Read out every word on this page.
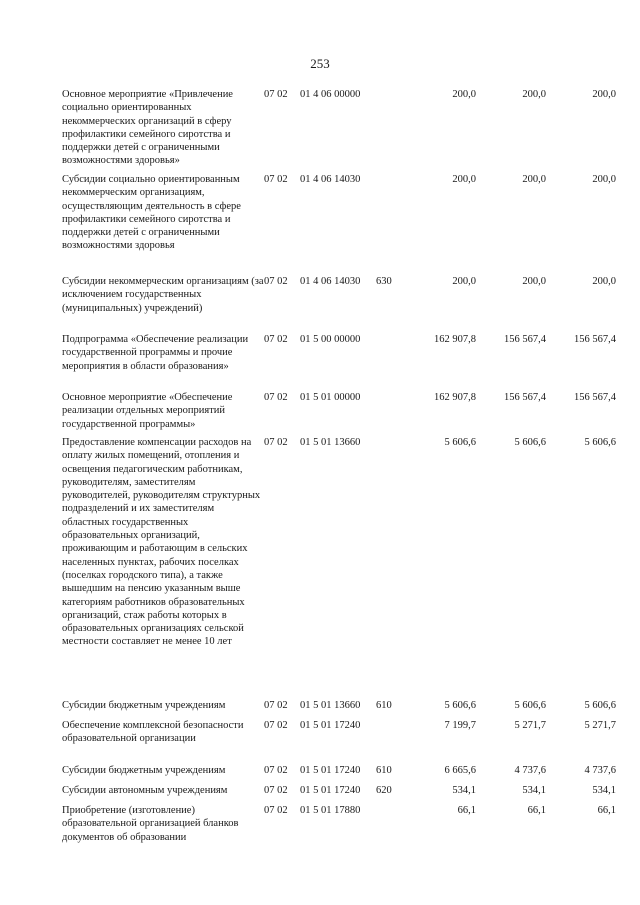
253
Основное мероприятие «Привлечение социально ориентированных некоммерческих организаций в сферу профилактики семейного сиротства и поддержки детей с ограниченными возможностями здоровья»	07 02	01 4 06 00000		200,0	200,0	200,0
Субсидии социально ориентированным некоммерческим организациям, осуществляющим деятельность в сфере профилактики семейного сиротства и поддержки детей с ограниченными возможностями здоровья	07 02	01 4 06 14030		200,0	200,0	200,0
Субсидии некоммерческим организациям (за исключением государственных (муниципальных) учреждений)	07 02	01 4 06 14030	630	200,0	200,0	200,0
Подпрограмма «Обеспечение реализации государственной программы и прочие мероприятия в области образования»	07 02	01 5 00 00000		162 907,8	156 567,4	156 567,4
Основное мероприятие «Обеспечение реализации отдельных мероприятий государственной программы»	07 02	01 5 01 00000		162 907,8	156 567,4	156 567,4
Предоставление компенсации расходов на оплату жилых помещений, отопления и освещения педагогическим работникам, руководителям, заместителям руководителей, руководителям структурных подразделений и их заместителям областных государственных образовательных организаций, проживающим и работающим в сельских населенных пунктах, рабочих поселках (поселках городского типа), а также вышедшим на пенсию указанным выше категориям работников образовательных организаций, стаж работы которых в образовательных организациях сельской местности составляет не менее 10 лет	07 02	01 5 01 13660		5 606,6	5 606,6	5 606,6
Субсидии бюджетным учреждениям	07 02	01 5 01 13660	610	5 606,6	5 606,6	5 606,6
Обеспечение комплексной безопасности образовательной организации	07 02	01 5 01 17240		7 199,7	5 271,7	5 271,7
Субсидии бюджетным учреждениям	07 02	01 5 01 17240	610	6 665,6	4 737,6	4 737,6
Субсидии автономным учреждениям	07 02	01 5 01 17240	620	534,1	534,1	534,1
Приобретение (изготовление) образовательной организацией бланков документов об образовании	07 02	01 5 01 17880		66,1	66,1	66,1
